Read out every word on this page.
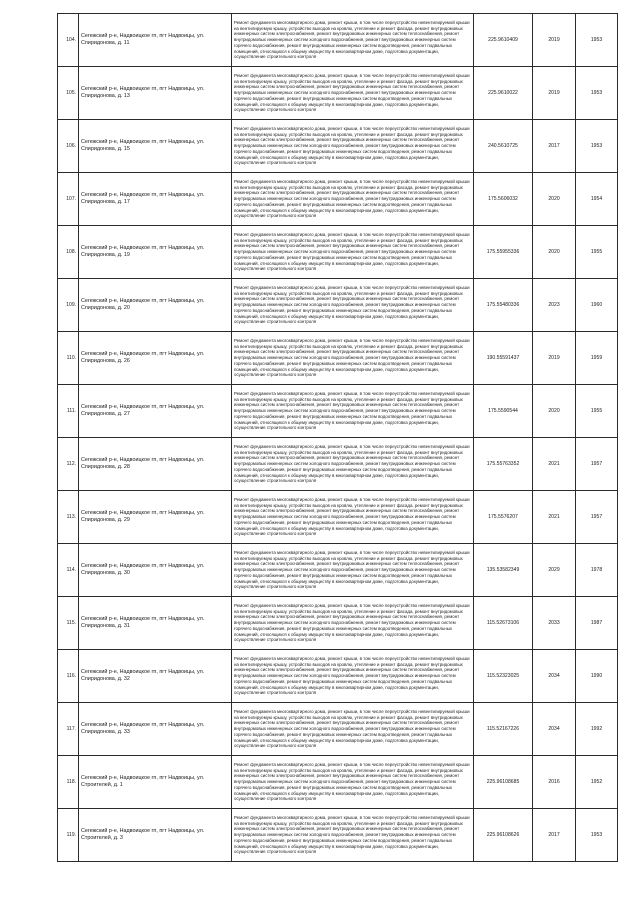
104.	Сегежский р-н, Надвоицкое гп, пгт Надвоицы, ул. Спиридонова, д. 11	Ремонт фундамента многоквартирного дома, ремонт крыши, в том числе переустройство невентилируемой крыши на вентилируемую крышу, устройство выходов на кровлю, утепление и ремонт фасада, ремонт внутридомовых инженерных систем электроснабжения, ремонт внутридомовых инженерных систем теплоснабжения, ремонт внутридомовых инженерных систем холодного водоснабжения, ремонт внутридомовых инженерных систем горячего водоснабжения, ремонт внутридомовых инженерных систем водоотведения, ремонт подвальных помещений, относящихся к общему имуществу в многоквартирном доме, подготовка документации, осуществление строительного контроля	225.9610409	2019	1953
105.	Сегежский р-н, Надвоицкое гп, пгт Надвоицы, ул. Спиридонова, д. 13	Ремонт фундамента многоквартирного дома, ремонт крыши, в том числе переустройство невентилируемой крыши на вентилируемую крышу, устройство выходов на кровлю, утепление и ремонт фасада, ремонт внутридомовых инженерных систем электроснабжения, ремонт внутридомовых инженерных систем теплоснабжения, ремонт внутридомовых инженерных систем холодного водоснабжения, ремонт внутридомовых инженерных систем горячего водоснабжения, ремонт внутридомовых инженерных систем водоотведения, ремонт подвальных помещений, относящихся к общему имуществу в многоквартирном доме, подготовка документации, осуществление строительного контроля	225.9610022	2019	1953
106.	Сегежский р-н, Надвоицкое гп, пгт Надвоицы, ул. Спиридонова, д. 15	Ремонт фундамента многоквартирного дома, ремонт крыши, в том числе переустройство невентилируемой крыши на вентилируемую крышу, устройство выходов на кровлю, утепление и ремонт фасада, ремонт внутридомовых инженерных систем электроснабжения, ремонт внутридомовых инженерных систем теплоснабжения, ремонт внутридомовых инженерных систем холодного водоснабжения, ремонт внутридомовых инженерных систем горячего водоснабжения, ремонт внутридомовых инженерных систем водоотведения, ремонт подвальных помещений, относящихся к общему имуществу в многоквартирном доме, подготовка документации, осуществление строительного контроля	240.5610725	2017	1953
107.	Сегежский р-н, Надвоицкое гп, пгт Надвоицы, ул. Спиридонова, д. 17	Ремонт фундамента многоквартирного дома, ремонт крыши, в том числе переустройство невентилируемой крыши на вентилируемую крышу, устройство выходов на кровлю, утепление и ремонт фасада, ремонт внутридомовых инженерных систем электроснабжения, ремонт внутридомовых инженерных систем теплоснабжения, ремонт внутридомовых инженерных систем холодного водоснабжения, ремонт внутридомовых инженерных систем горячего водоснабжения, ремонт внутридомовых инженерных систем водоотведения, ремонт подвальных помещений, относящихся к общему имуществу в многоквартирном доме, подготовка документации, осуществление строительного контроля	175.5606032	2020	1954
108.	Сегежский р-н, Надвоицкое гп, пгт Надвоицы, ул. Спиридонова, д. 19	Ремонт фундамента многоквартирного дома, ремонт крыши, в том числе переустройство невентилируемой крыши на вентилируемую крышу, устройство выходов на кровлю, утепление и ремонт фасада, ремонт внутридомовых инженерных систем электроснабжения, ремонт внутридомовых инженерных систем теплоснабжения, ремонт внутридомовых инженерных систем холодного водоснабжения, ремонт внутридомовых инженерных систем горячего водоснабжения, ремонт внутридомовых инженерных систем водоотведения, ремонт подвальных помещений, относящихся к общему имуществу в многоквартирном доме, подготовка документации, осуществление строительного контроля	175.55955336	2020	1955
109.	Сегежский р-н, Надвоицкое гп, пгт Надвоицы, ул. Спиридонова, д. 20	Ремонт фундамента многоквартирного дома, ремонт крыши, в том числе переустройство невентилируемой крыши на вентилируемую крышу, устройство выходов на кровлю, утепление и ремонт фасада, ремонт внутридомовых инженерных систем электроснабжения, ремонт внутридомовых инженерных систем теплоснабжения, ремонт внутридомовых инженерных систем холодного водоснабжения, ремонт внутридомовых инженерных систем горячего водоснабжения, ремонт внутридомовых инженерных систем водоотведения, ремонт подвальных помещений, относящихся к общему имуществу в многоквартирном доме, подготовка документации, осуществление строительного контроля	175.55480336	2023	1960
110.	Сегежский р-н, Надвоицкое гп, пгт Надвоицы, ул. Спиридонова, д. 26	Ремонт фундамента многоквартирного дома, ремонт крыши, в том числе переустройство невентилируемой крыши на вентилируемую крышу, устройство выходов на кровлю, утепление и ремонт фасада, ремонт внутридомовых инженерных систем электроснабжения, ремонт внутридомовых инженерных систем теплоснабжения, ремонт внутридомовых инженерных систем холодного водоснабжения, ремонт внутридомовых инженерных систем горячего водоснабжения, ремонт внутридомовых инженерных систем водоотведения, ремонт подвальных помещений, относящихся к общему имуществу в многоквартирном доме, подготовка документации, осуществление строительного контроля	190.55591437	2019	1959
111.	Сегежский р-н, Надвоицкое гп, пгт Надвоицы, ул. Спиридонова, д. 27	Ремонт фундамента многоквартирного дома, ремонт крыши, в том числе переустройство невентилируемой крыши на вентилируемую крышу, устройство выходов на кровлю, утепление и ремонт фасада, ремонт внутридомовых инженерных систем электроснабжения, ремонт внутридомовых инженерных систем теплоснабжения, ремонт внутридомовых инженерных систем холодного водоснабжения, ремонт внутридомовых инженерных систем горячего водоснабжения, ремонт внутридомовых инженерных систем водоотведения, ремонт подвальных помещений, относящихся к общему имуществу в многоквартирном доме, подготовка документации, осуществление строительного контроля	175.5590544	2020	1955
112.	Сегежский р-н, Надвоицкое гп, пгт Надвоицы, ул. Спиридонова, д. 28	Ремонт фундамента многоквартирного дома, ремонт крыши, в том числе переустройство невентилируемой крыши на вентилируемую крышу, устройство выходов на кровлю, утепление и ремонт фасада, ремонт внутридомовых инженерных систем электроснабжения, ремонт внутридомовых инженерных систем теплоснабжения, ремонт внутридомовых инженерных систем холодного водоснабжения, ремонт внутридомовых инженерных систем горячего водоснабжения, ремонт внутридомовых инженерных систем водоотведения, ремонт подвальных помещений, относящихся к общему имуществу в многоквартирном доме, подготовка документации, осуществление строительного контроля	175.55763352	2021	1957
113.	Сегежский р-н, Надвоицкое гп, пгт Надвоицы, ул. Спиридонова, д. 29	Ремонт фундамента многоквартирного дома, ремонт крыши, в том числе переустройство невентилируемой крыши на вентилируемую крышу, устройство выходов на кровлю, утепление и ремонт фасада, ремонт внутридомовых инженерных систем электроснабжения, ремонт внутридомовых инженерных систем теплоснабжения, ремонт внутридомовых инженерных систем холодного водоснабжения, ремонт внутридомовых инженерных систем горячего водоснабжения, ремонт внутридомовых инженерных систем водоотведения, ремонт подвальных помещений, относящихся к общему имуществу в многоквартирном доме, подготовка документации, осуществление строительного контроля	175.5576207	2021	1957
114.	Сегежский р-н, Надвоицкое гп, пгт Надвоицы, ул. Спиридонова, д. 30	Ремонт фундамента многоквартирного дома, ремонт крыши, в том числе переустройство невентилируемой крыши на вентилируемую крышу, устройство выходов на кровлю, утепление и ремонт фасада, ремонт внутридомовых инженерных систем электроснабжения, ремонт внутридомовых инженерных систем теплоснабжения, ремонт внутридомовых инженерных систем холодного водоснабжения, ремонт внутридомовых инженерных систем горячего водоснабжения, ремонт внутридомовых инженерных систем водоотведения, ремонт подвальных помещений, относящихся к общему имуществу в многоквартирном доме, подготовка документации, осуществление строительного контроля	135.53582349	2029	1978
115.	Сегежский р-н, Надвоицкое гп, пгт Надвоицы, ул. Спиридонова, д. 31	Ремонт фундамента многоквартирного дома, ремонт крыши, в том числе переустройство невентилируемой крыши на вентилируемую крышу, устройство выходов на кровлю, утепление и ремонт фасада, ремонт внутридомовых инженерных систем электроснабжения, ремонт внутридомовых инженерных систем теплоснабжения, ремонт внутридомовых инженерных систем холодного водоснабжения, ремонт внутридомовых инженерных систем горячего водоснабжения, ремонт внутридомовых инженерных систем водоотведения, ремонт подвальных помещений, относящихся к общему имуществу в многоквартирном доме, подготовка документации, осуществление строительного контроля	115.52673106	2033	1987
116.	Сегежский р-н, Надвоицкое гп, пгт Надвоицы, ул. Спиридонова, д. 32	Ремонт фундамента многоквартирного дома, ремонт крыши, в том числе переустройство невентилируемой крыши на вентилируемую крышу, устройство выходов на кровлю, утепление и ремонт фасада, ремонт внутридомовых инженерных систем электроснабжения, ремонт внутридомовых инженерных систем теплоснабжения, ремонт внутридомовых инженерных систем холодного водоснабжения, ремонт внутридомовых инженерных систем горячего водоснабжения, ремонт внутридомовых инженерных систем водоотведения, ремонт подвальных помещений, относящихся к общему имуществу в многоквартирном доме, подготовка документации, осуществление строительного контроля	115.52323025	2034	1990
117.	Сегежский р-н, Надвоицкое гп, пгт Надвоицы, ул. Спиридонова, д. 33	Ремонт фундамента многоквартирного дома, ремонт крыши, в том числе переустройство невентилируемой крыши на вентилируемую крышу, устройство выходов на кровлю, утепление и ремонт фасада, ремонт внутридомовых инженерных систем электроснабжения, ремонт внутридомовых инженерных систем теплоснабжения, ремонт внутридомовых инженерных систем холодного водоснабжения, ремонт внутридомовых инженерных систем горячего водоснабжения, ремонт внутридомовых инженерных систем водоотведения, ремонт подвальных помещений, относящихся к общему имуществу в многоквартирном доме, подготовка документации, осуществление строительного контроля	115.52167226	2034	1992
118.	Сегежский р-н, Надвоицкое гп, пгт Надвоицы, ул. Строителей, д. 1	Ремонт фундамента многоквартирного дома, ремонт крыши, в том числе переустройство невентилируемой крыши на вентилируемую крышу, устройство выходов на кровлю, утепление и ремонт фасада, ремонт внутридомовых инженерных систем электроснабжения, ремонт внутридомовых инженерных систем теплоснабжения, ремонт внутридомовых инженерных систем холодного водоснабжения, ремонт внутридомовых инженерных систем горячего водоснабжения, ремонт внутридомовых инженерных систем водоотведения, ремонт подвальных помещений, относящихся к общему имуществу в многоквартирном доме, подготовка документации, осуществление строительного контроля	225.96108685	2016	1952
119.	Сегежский р-н, Надвоицкое гп, пгт Надвоицы, ул. Строителей, д. 3	Ремонт фундамента многоквартирного дома, ремонт крыши, в том числе переустройство невентилируемой крыши на вентилируемую крышу, устройство выходов на кровлю, утепление и ремонт фасада, ремонт внутридомовых инженерных систем электроснабжения, ремонт внутридомовых инженерных систем теплоснабжения, ремонт внутридомовых инженерных систем холодного водоснабжения, ремонт внутридомовых инженерных систем горячего водоснабжения, ремонт внутридомовых инженерных систем водоотведения, ремонт подвальных помещений, относящихся к общему имуществу в многоквартирном доме, подготовка документации, осуществление строительного контроля	225.96108626	2017	1953
